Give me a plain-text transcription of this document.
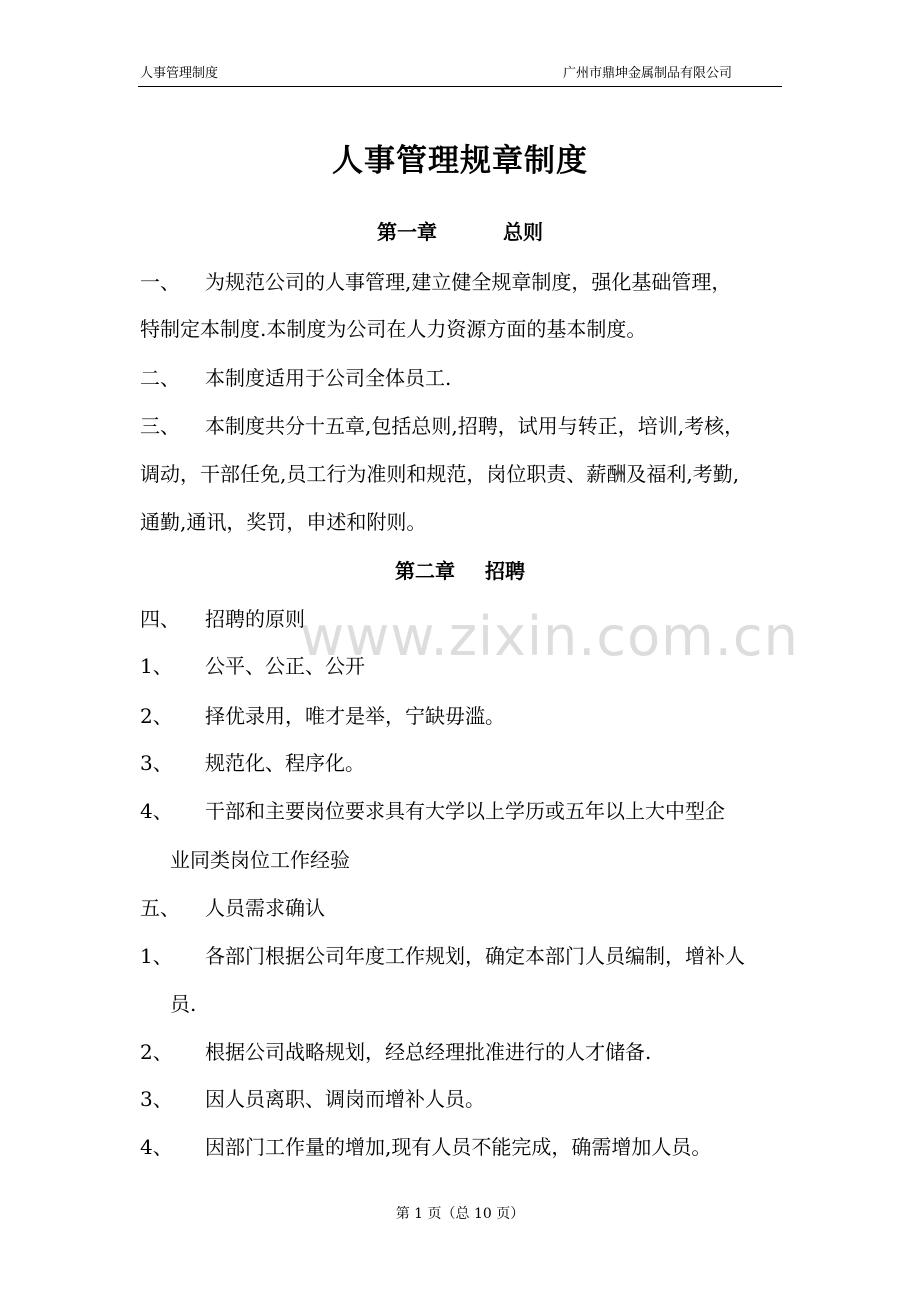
人事管理制度	广州市鼎坤金属制品有限公司
人事管理规章制度
第一章	总则
一、 为规范公司的人事管理,建立健全规章制度，强化基础管理，
特制定本制度.本制度为公司在人力资源方面的基本制度。
二、 本制度适用于公司全体员工.
三、 本制度共分十五章,包括总则,招聘，试用与转正，培训,考核，
调动，干部任免,员工行为准则和规范，岗位职责、薪酬及福利,考勤,
通勤,通讯，奖罚，申述和附则。
第二章 招聘
www.zixin.com.cn
四、 招聘的原则
1、 公平、公正、公开
2、 择优录用，唯才是举，宁缺毋滥。
3、 规范化、程序化。
4、 干部和主要岗位要求具有大学以上学历或五年以上大中型企
业同类岗位工作经验
五、 人员需求确认
1、 各部门根据公司年度工作规划，确定本部门人员编制，增补人
员.
2、 根据公司战略规划，经总经理批准进行的人才储备.
3、 因人员离职、调岗而增补人员。
4、 因部门工作量的增加,现有人员不能完成，确需增加人员。
第 1 页（总 10 页）
